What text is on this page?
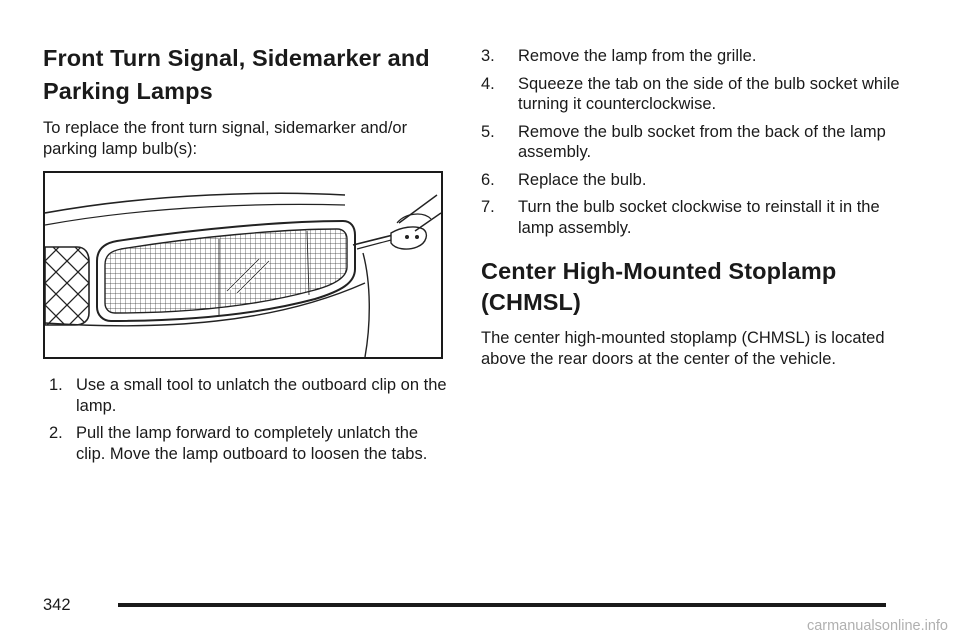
Front Turn Signal, Sidemarker and Parking Lamps

To replace the front turn signal, sidemarker and/or parking lamp bulb(s):

1. Use a small tool to unlatch the outboard clip on the lamp.
2. Pull the lamp forward to completely unlatch the clip. Move the lamp outboard to loosen the tabs.
3. Remove the lamp from the grille.
4. Squeeze the tab on the side of the bulb socket while turning it counterclockwise.
5. Remove the bulb socket from the back of the lamp assembly.
6. Replace the bulb.
7. Turn the bulb socket clockwise to reinstall it in the lamp assembly.
Center High-Mounted Stoplamp (CHMSL)

The center high-mounted stoplamp (CHMSL) is located above the rear doors at the center of the vehicle.

342
carmanualsonline.info
